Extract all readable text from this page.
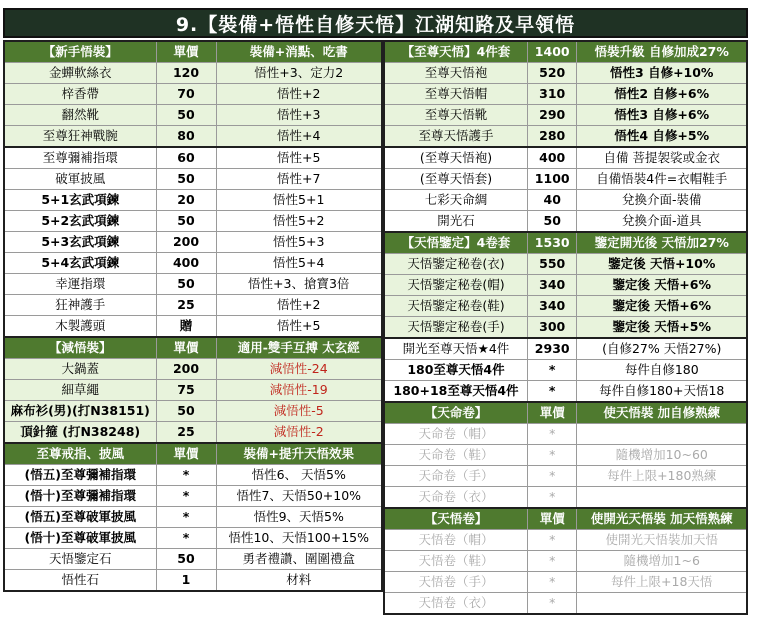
9.【裝備+悟性自修天悟】江湖知路及早領悟
【新手悟裝】	單價	裝備+消點、吃書
金蟬軟絲衣	120	悟性+3、定力2
梓香帶	70	悟性+2
翻然靴	50	悟性+3
至尊狂神戰腕	80	悟性+4
至尊彌補指環	60	悟性+5
破軍披風	50	悟性+7
5+1玄武項鍊	20	悟性5+1
5+2玄武項鍊	50	悟性5+2
5+3玄武項鍊	200	悟性5+3
5+4玄武項鍊	400	悟性5+4
幸運指環	50	悟性+3、搶寶3倍
狂神護手	25	悟性+2
木製護頭	贈	悟性+5
【減悟裝】	單價	適用-雙手互搏 太玄經
大鍋蓋	200	減悟性-24
細草繩	75	減悟性-19
麻布衫(男)(打N38151)	50	減悟性-5
頂針箍 (打N38248)	25	減悟性-2
至尊戒指、披風	單價	裝備+提升天悟效果
(悟五)至尊彌補指環	*	悟性6、 天悟5%
(悟十)至尊彌補指環	*	悟性7、天悟50+10%
(悟五)至尊破軍披風	*	悟性9、天悟5%
(悟十)至尊破軍披風	*	悟性10、天悟100+15%
天悟鑒定石	50	勇者禮讚、圍圍禮盒
悟性石	1	材料
【至尊天悟】4件套	1400	悟裝升級 自修加成27%
至尊天悟袍	520	悟性3 自修+10%
至尊天悟帽	310	悟性2 自修+6%
至尊天悟靴	290	悟性3 自修+6%
至尊天悟護手	280	悟性4 自修+5%
(至尊天悟袍)	400	自備 菩提袈裟或金衣
(至尊天悟套)	1100	自備悟裝4件=衣帽鞋手
七彩天命綢	40	兌換介面-裝備
開光石	50	兌換介面-道具
【天悟鑒定】4卷套	1530	鑒定開光後 天悟加27%
天悟鑒定秘卷(衣)	550	鑒定後 天悟+10%
天悟鑒定秘卷(帽)	340	鑒定後 天悟+6%
天悟鑒定秘卷(鞋)	340	鑒定後 天悟+6%
天悟鑒定秘卷(手)	300	鑒定後 天悟+5%
開光至尊天悟★4件	2930	(自修27% 天悟27%)
180至尊天悟4件	*	每件自修180
180+18至尊天悟4件	*	每件自修180+天悟18
【天命卷】	單價	使天悟裝 加自修熟練
天命卷（帽）	*	
天命卷（鞋）	*	隨機增加10~60
天命卷（手）	*	每件上限+180熟練
天命卷（衣）	*	
【天悟卷】	單價	使開光天悟裝 加天悟熟練
天悟卷（帽）	*	使開光天悟裝加天悟
天悟卷（鞋）	*	隨機增加1~6
天悟卷（手）	*	每件上限+18天悟
天悟卷（衣）	*	
